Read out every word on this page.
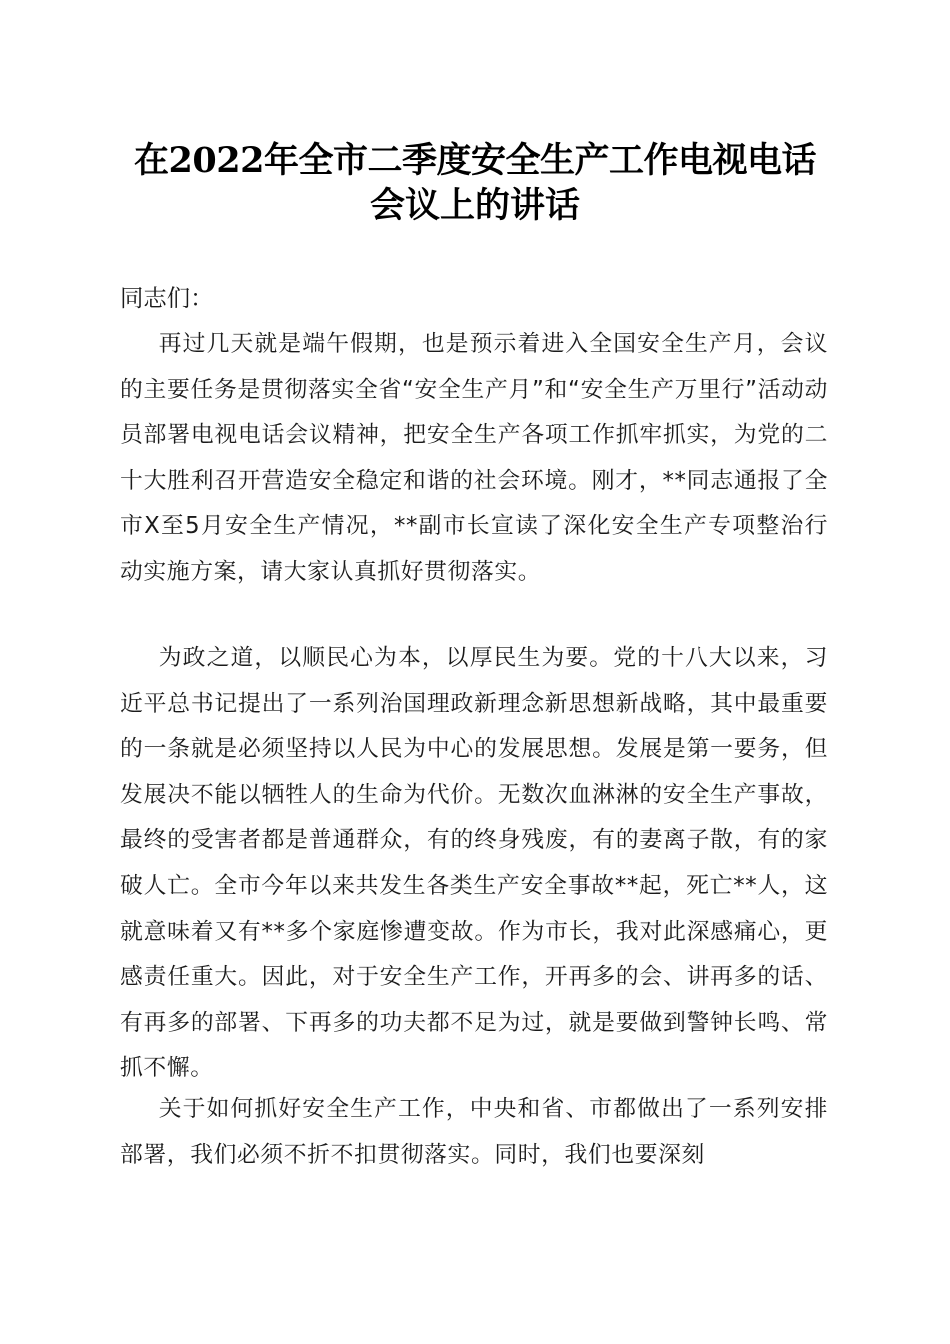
在2022年全市二季度安全生产工作电视电话
会议上的讲话

同志们：

再过几天就是端午假期，也是预示着进入全国安全生产月，会议的主要任务是贯彻落实全省“安全生产月”和“安全生产万里行”活动动员部署电视电话会议精神，把安全生产各项工作抓牢抓实，为党的二十大胜利召开营造安全稳定和谐的社会环境。刚才，**同志通报了全市X至5月安全生产情况，**副市长宣读了深化安全生产专项整治行动实施方案，请大家认真抓好贯彻落实。

为政之道，以顺民心为本，以厚民生为要。党的十八大以来，习近平总书记提出了一系列治国理政新理念新思想新战略，其中最重要的一条就是必须坚持以人民为中心的发展思想。发展是第一要务，但发展决不能以牺牲人的生命为代价。无数次血淋淋的安全生产事故，最终的受害者都是普通群众，有的终身残废，有的妻离子散，有的家破人亡。全市今年以来共发生各类生产安全事故**起，死亡**人，这就意味着又有**多个家庭惨遭变故。作为市长，我对此深感痛心，更感责任重大。因此，对于安全生产工作，开再多的会、讲再多的话、有再多的部署、下再多的功夫都不足为过，就是要做到警钟长鸣、常抓不懈。

关于如何抓好安全生产工作，中央和省、市都做出了一系列安排部署，我们必须不折不扣贯彻落实。同时，我们也要深刻
